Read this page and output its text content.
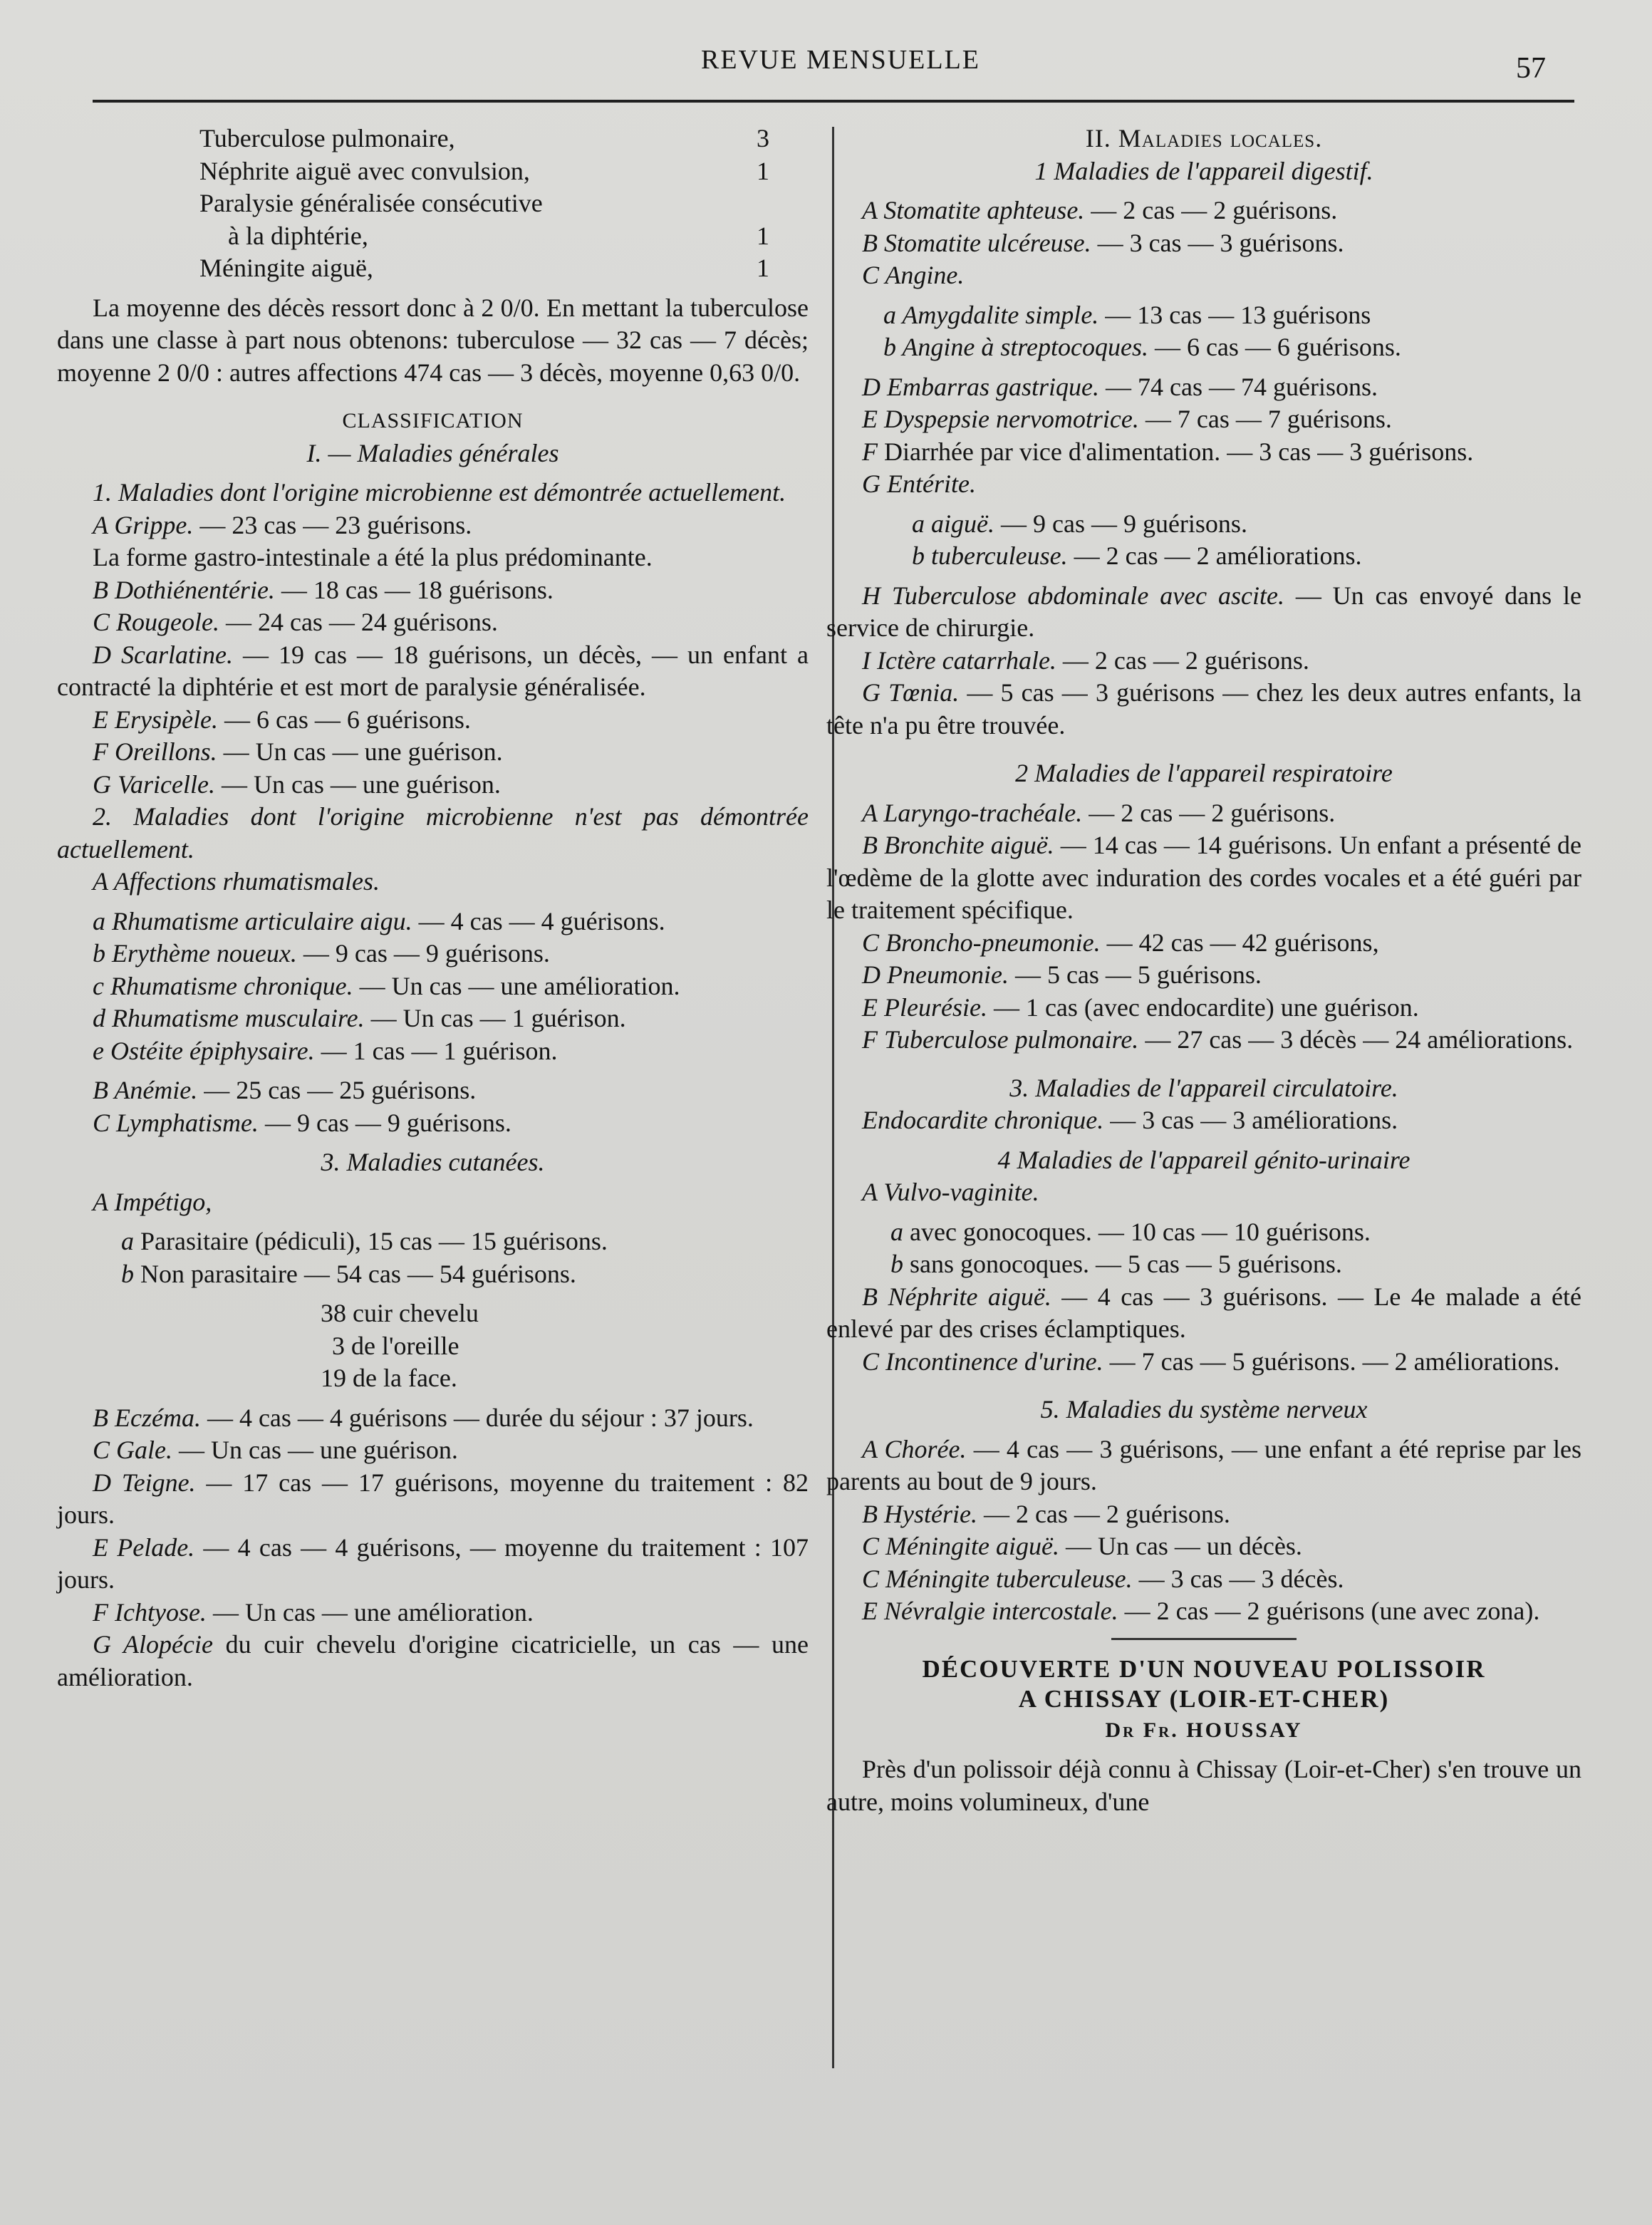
REVUE MENSUELLE	57
Tuberculose pulmonaire,	3
Néphrite aiguë avec convulsion,	1
Paralysie généralisée consécutive
à la diphtérie,	1
Méningite aiguë,	1

La moyenne des décès ressort donc à 2 0/0. En mettant la tuberculose dans une classe à part nous obtenons: tuberculose — 32 cas — 7 décès; moyenne 2 0/0 : autres affections 474 cas — 3 décès, moyenne 0,63 0/0.

CLASSIFICATION

I. — Maladies générales

1. Maladies dont l'origine microbienne est démontrée actuellement.

A Grippe. — 23 cas — 23 guérisons.

La forme gastro-intestinale a été la plus prédominante.

B Dothiénentérie. — 18 cas — 18 guérisons.

C Rougeole. — 24 cas — 24 guérisons.

D Scarlatine. — 19 cas — 18 guérisons, un décès, — un enfant a contracté la diphtérie et est mort de paralysie généralisée.

E Erysipèle. — 6 cas — 6 guérisons.

F Oreillons. — Un cas — une guérison.

G Varicelle. — Un cas — une guérison.

2. Maladies dont l'origine microbienne n'est pas démontrée actuellement.

A Affections rhumatismales.

a Rhumatisme articulaire aigu. — 4 cas — 4 guérisons.

b Erythème noueux. — 9 cas — 9 guérisons.

c Rhumatisme chronique. — Un cas — une amélioration.

d Rhumatisme musculaire. — Un cas — 1 guérison.

e Ostéite épiphysaire. — 1 cas — 1 guérison.

B Anémie. — 25 cas — 25 guérisons.

C Lymphatisme. — 9 cas — 9 guérisons.

3. Maladies cutanées.

A Impétigo,

a Parasitaire (pédiculi), 15 cas — 15 guérisons.

b Non parasitaire — 54 cas — 54 guérisons.

38 cuir chevelu
3 de l'oreille
19 de la face.

B Eczéma. — 4 cas — 4 guérisons — durée du séjour : 37 jours.

C Gale. — Un cas — une guérison.

D Teigne. — 17 cas — 17 guérisons, moyenne du traitement : 82 jours.

E Pelade. — 4 cas — 4 guérisons, — moyenne du traitement : 107 jours.

F Ichtyose. — Un cas — une amélioration.

G Alopécie du cuir chevelu d'origine cicatricielle, un cas — une amélioration.

II. Maladies locales.

1 Maladies de l'appareil digestif.

A Stomatite aphteuse. — 2 cas — 2 guérisons.

B Stomatite ulcéreuse. — 3 cas — 3 guérisons.

C Angine.

a Amygdalite simple. — 13 cas — 13 guérisons

b Angine à streptocoques. — 6 cas — 6 guérisons.

D Embarras gastrique. — 74 cas — 74 guérisons.

E Dyspepsie nervomotrice. — 7 cas — 7 guérisons.

F Diarrhée par vice d'alimentation. — 3 cas — 3 guérisons.

G Entérite.

a aiguë. — 9 cas — 9 guérisons.

b tuberculeuse. — 2 cas — 2 améliorations.

H Tuberculose abdominale avec ascite. — Un cas envoyé dans le service de chirurgie.

I Ictère catarrhale. — 2 cas — 2 guérisons.

G Tœnia. — 5 cas — 3 guérisons — chez les deux autres enfants, la tête n'a pu être trouvée.

2 Maladies de l'appareil respiratoire

A Laryngo-trachéale. — 2 cas — 2 guérisons.

B Bronchite aiguë. — 14 cas — 14 guérisons. Un enfant a présenté de l'œdème de la glotte avec induration des cordes vocales et a été guéri par le traitement spécifique.

C Broncho-pneumonie. — 42 cas — 42 guérisons,

D Pneumonie. — 5 cas — 5 guérisons.

E Pleurésie. — 1 cas (avec endocardite) une guérison.

F Tuberculose pulmonaire. — 27 cas — 3 décès — 24 améliorations.

3. Maladies de l'appareil circulatoire.

Endocardite chronique. — 3 cas — 3 améliorations.

4 Maladies de l'appareil génito-urinaire

A Vulvo-vaginite.

a avec gonocoques. — 10 cas — 10 guérisons.

b sans gonocoques. — 5 cas — 5 guérisons.

B Néphrite aiguë. — 4 cas — 3 guérisons. — Le 4e malade a été enlevé par des crises éclamptiques.

C Incontinence d'urine. — 7 cas — 5 guérisons. — 2 améliorations.

5. Maladies du système nerveux

A Chorée. — 4 cas — 3 guérisons, — une enfant a été reprise par les parents au bout de 9 jours.

B Hystérie. — 2 cas — 2 guérisons.

C Méningite aiguë. — Un cas — un décès.

C Méningite tuberculeuse. — 3 cas — 3 décès.

E Névralgie intercostale. — 2 cas — 2 guérisons (une avec zona).

DÉCOUVERTE D'UN NOUVEAU POLISSOIR

A CHISSAY (LOIR-ET-CHER)

Dr Fr. HOUSSAY

Près d'un polissoir déjà connu à Chissay (Loir-et-Cher) s'en trouve un autre, moins volumineux, d'une
